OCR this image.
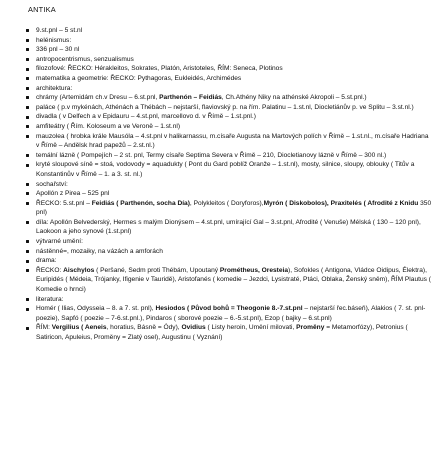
ANTIKA
9.st.pnl – 5 st.nl
helénismus:
336 pnl – 30 nl
antropocentrismus, senzualismus
filozofové: ŘECKO: Hérakleitos, Sokrates, Platón, Aristoteles, ŘÍM: Seneca, Plotinos
matematika a geometrie: ŘECKO: Pythagoras, Eukleidés, Archimédes
architektura:
chrámy (Artemidám ch.v Dresu – 6.st.pnl, Parthenón – Feidiás, Ch.Athény Niky na athénské Akropoli – 5.st.pnl.)
paláce ( p.v mykénách, Athénách a Thébách – nejstarší, flaviovský p. na řím. Palatinu – 1.st.nl, Diocletiánův p. ve Splitu – 3.st.nl.)
divadla ( v Delfech a v Epidauru – 4.st.pnl, marcellovo d. v Římě – 1.st.pnl.)
amfiteátry ( Řím. Koloseum a ve Veroně – 1.st.nl)
mauzolea ( hrobka krále Mausóla – 4.st.pnl v halikarnassu, m.císaře Augusta na Martových polích v Římě – 1.st.nl., m.císaře Hadriana v Římě – Andělsk hrad papežů – 2.st.nl.)
temální lázně ( Pompejích – 2 st. pnl, Termy císaře Septima Severa v Římě – 210, Diocletianovy lázně v Římě – 300 nl.)
kryté sloupové síně = stoá, vodovody = aquadukty ( Pont du Gard poblíž Oranže – 1.st.nl), mosty, silnice, sloupy, oblouky ( Titův a Konstantinův v Římě – 1. a 3. st. nl.)
sochařství:
Apollón z Pirea – 525 pnl
ŘECKO: 5.st.pnl – Feidiás ( Parthenón, socha Día), Polykleitos ( Doryforos),Myrón ( Diskobolos), Praxitelés ( Afrodité z Knidu 350 pnl)
díla: Apollón Belvederský, Hermes s malým Dionýsem – 4.st.pnl, umírající Gal – 3.st.pnl, Afrodité ( Venuše) Mélská ( 130 – 120 pnl), Laokoon a jeho synové (1.st.pnl)
výtvarné umění:
nástěnné=, mozaiky, na vázách a amforách
drama:
ŘECKO: Aischylos ( Peršané, Sedm proti Thébám, Upoutaný Prométheus, Oresteia), Sofokles ( Antigona, Vládce Oidipus, Élektra), Euripidés ( Médeia, Trójanky, Ifigenie v Tauridě), Aristofanés ( komedie – Jezdci, Lysistraté, Ptáci, Oblaka, Ženský sněm), ŘÍM Plautus ( Komedie o hrnci)
literatura:
Homér ( Ilias, Odysseia – 8. a 7. st. pnl), Hesiodos ( Původ bohů = Theogonie 8.-7.st.pnl – nejstarší řec.báseň), Alakios ( 7. st. pnl- poezie), Sapfó ( poezie – 7-6.st.pnl.), Pindaros ( sborové poezie – 6.-5.st.pnl), Ezop ( bajky – 6.st.pnl)
ŘÍM: Vergilius ( Aeneis, horatius, Básně = Ódy), Ovidius ( Listy heroin, Umění milovati, Proměny = Metamorfózy), Petronius ( Satiricon, Apuleius, Proměny = Zlatý osel), Augustinu ( Vyznání)
